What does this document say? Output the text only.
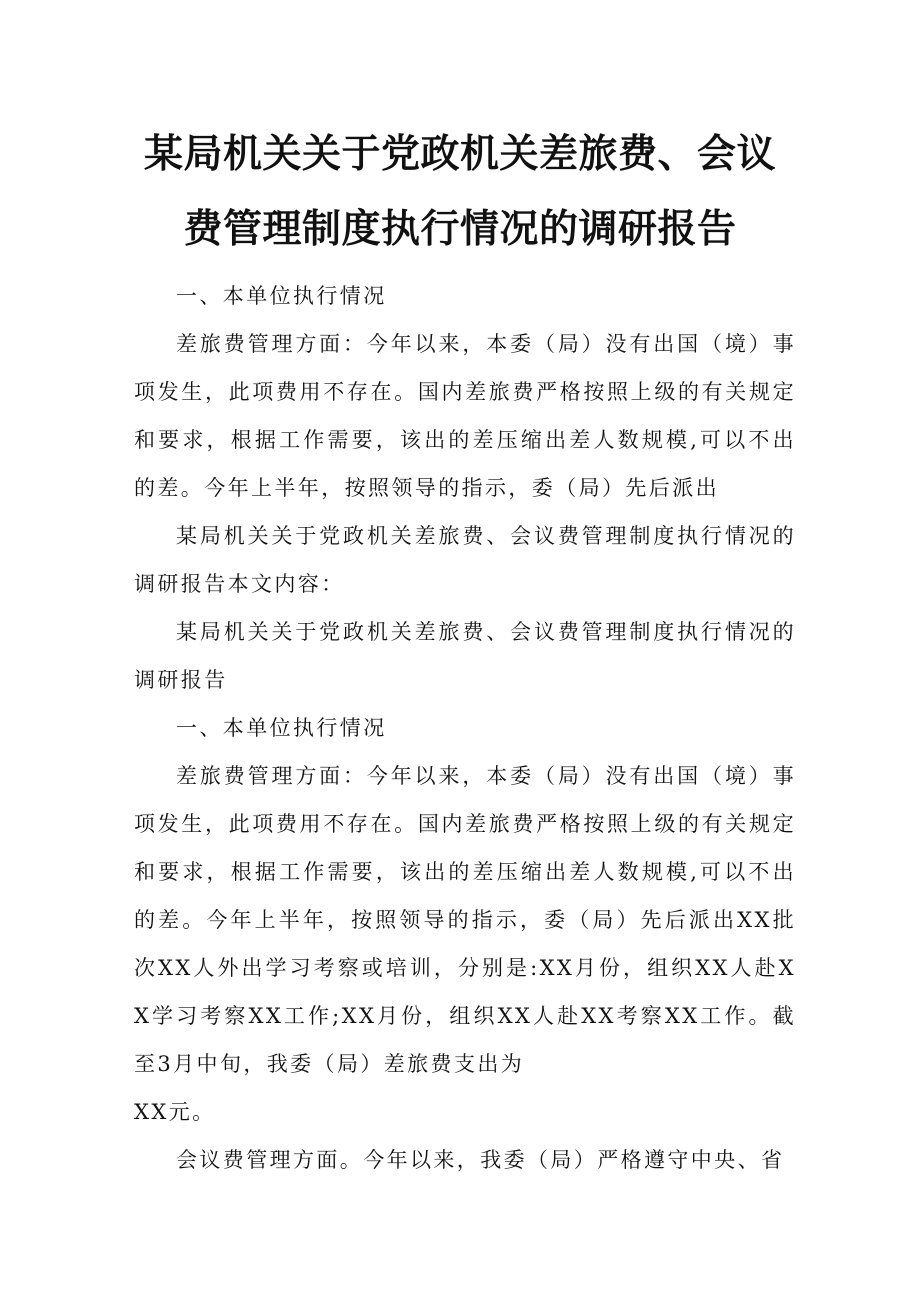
某局机关关于党政机关差旅费、会议
费管理制度执行情况的调研报告

一、本单位执行情况

差旅费管理方面：今年以来，本委（局）没有出国（境）事项发生，此项费用不存在。国内差旅费严格按照上级的有关规定和要求，根据工作需要，该出的差压缩出差人数规模,可以不出的差。今年上半年，按照领导的指示，委（局）先后派出

某局机关关于党政机关差旅费、会议费管理制度执行情况的调研报告本文内容：

某局机关关于党政机关差旅费、会议费管理制度执行情况的调研报告

一、本单位执行情况

差旅费管理方面：今年以来，本委（局）没有出国（境）事项发生，此项费用不存在。国内差旅费严格按照上级的有关规定和要求，根据工作需要，该出的差压缩出差人数规模,可以不出的差。今年上半年，按照领导的指示，委（局）先后派出XX批次XX人外出学习考察或培训，分别是:XX月份，组织XX人赴XX学习考察XX工作;XX月份，组织XX人赴XX考察XX工作。截至3月中旬，我委（局）差旅费支出为

XX元。

会议费管理方面。今年以来，我委（局）严格遵守中央、省
